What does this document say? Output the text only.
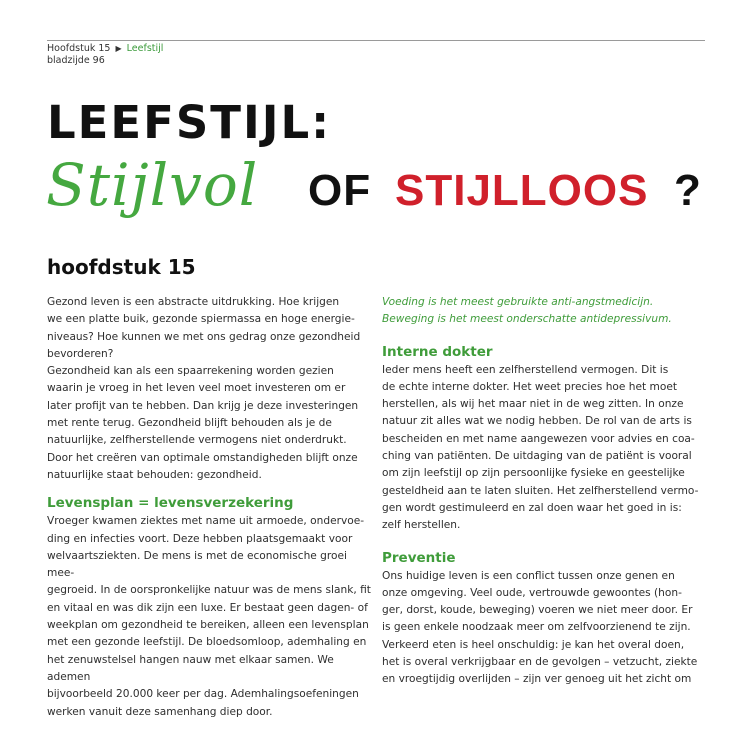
Hoofdstuk 15 ▶ Leefstijl
bladzijde 96
LEEFSTIJL:
Stijlvol OF STIJLLOOS ?
hoofdstuk 15

Gezond leven is een abstracte uitdrukking. Hoe krijgen

we een platte buik, gezonde spiermassa en hoge energie-

niveaus? Hoe kunnen we met ons gedrag onze gezondheid

bevorderen?

Gezondheid kan als een spaarrekening worden gezien

waarin je vroeg in het leven veel moet investeren om er

later profijt van te hebben. Dan krijg je deze investeringen

met rente terug. Gezondheid blijft behouden als je de

natuurlijke, zelfherstellende vermogens niet onderdrukt.

Door het creëren van optimale omstandigheden blijft onze

natuurlijke staat behouden: gezondheid.

Levensplan = levensverzekering

Vroeger kwamen ziektes met name uit armoede, ondervoe-

ding en infecties voort. Deze hebben plaatsgemaakt voor

welvaartsziekten. De mens is met de economische groei mee-

gegroeid. In de oorspronkelijke natuur was de mens slank, fit

en vitaal en was dik zijn een luxe. Er bestaat geen dagen- of

weekplan om gezondheid te bereiken, alleen een levensplan

met een gezonde leefstijl. De bloedsomloop, ademhaling en

het zenuwstelsel hangen nauw met elkaar samen. We ademen

bijvoorbeeld 20.000 keer per dag. Ademhalingsoefeningen

werken vanuit deze samenhang diep door.

Voeding is het meest gebruikte anti-angstmedicijn.

Beweging is het meest onderschatte antidepressivum.

Interne dokter

Ieder mens heeft een zelfherstellend vermogen. Dit is

de echte interne dokter. Het weet precies hoe het moet

herstellen, als wij het maar niet in de weg zitten. In onze

natuur zit alles wat we nodig hebben. De rol van de arts is

bescheiden en met name aangewezen voor advies en coa-

ching van patiënten. De uitdaging van de patiënt is vooral

om zijn leefstijl op zijn persoonlijke fysieke en geestelijke

gesteldheid aan te laten sluiten. Het zelfherstellend vermo-

gen wordt gestimuleerd en zal doen waar het goed in is:

zelf herstellen.

Preventie

Ons huidige leven is een conflict tussen onze genen en

onze omgeving. Veel oude, vertrouwde gewoontes (hon-

ger, dorst, koude, beweging) voeren we niet meer door. Er

is geen enkele noodzaak meer om zelfvoorzienend te zijn.

Verkeerd eten is heel onschuldig: je kan het overal doen,

het is overal verkrijgbaar en de gevolgen – vetzucht, ziekte

en vroegtijdig overlijden – zijn ver genoeg uit het zicht om
